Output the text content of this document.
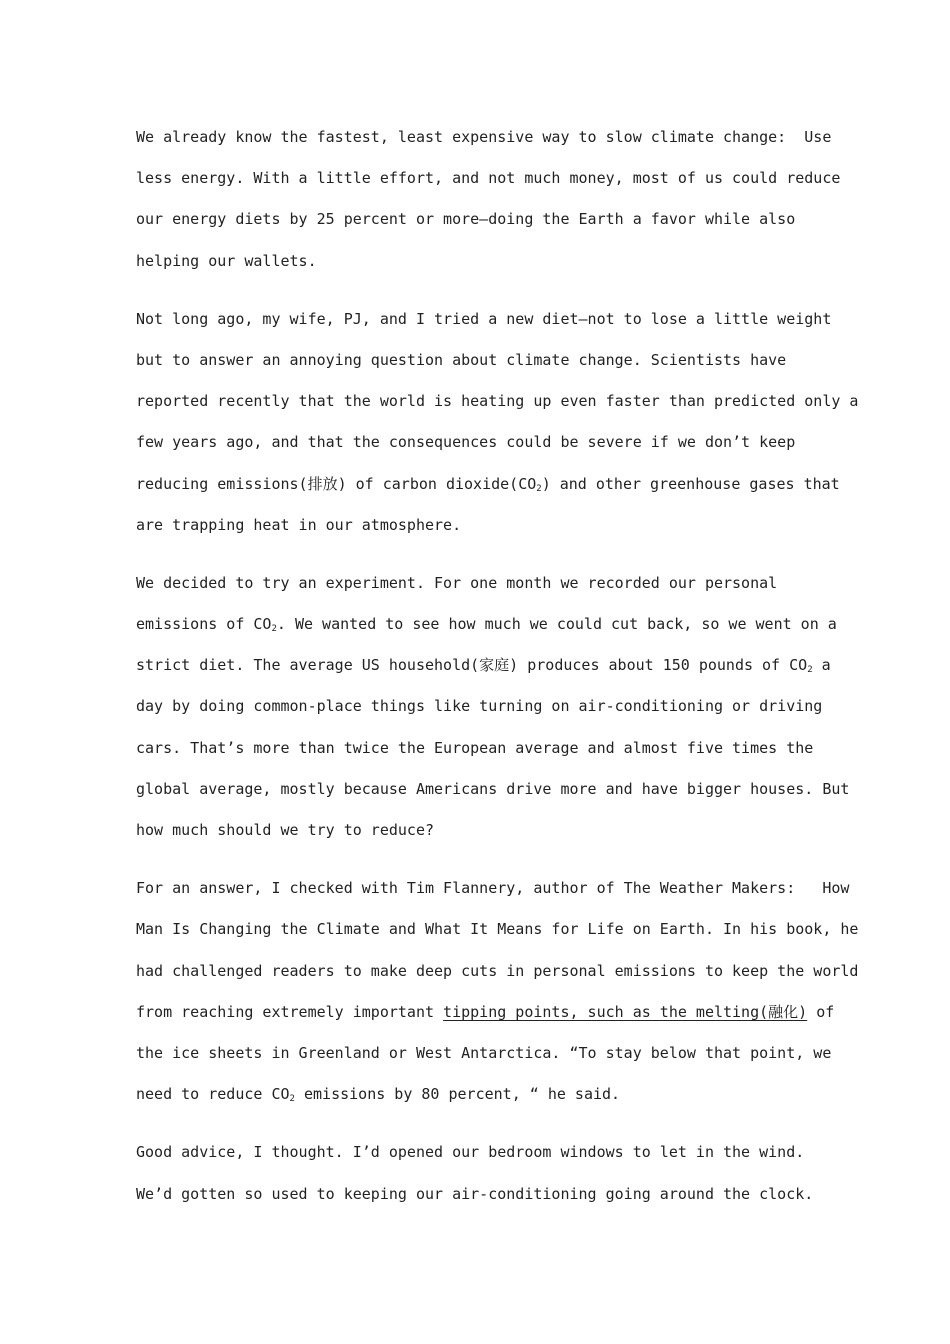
We already know the fastest, least expensive way to slow climate change:  Use
less energy. With a little effort, and not much money, most of us could reduce
our energy diets by 25 percent or more—doing the Earth a favor while also
helping our wallets.
Not long ago, my wife, PJ, and I tried a new diet—not to lose a little weight
but to answer an annoying question about climate change. Scientists have
reported recently that the world is heating up even faster than predicted only a
few years ago, and that the consequences could be severe if we don’t keep
reducing emissions(排放) of carbon $dioxide(CO_2)$ and other greenhouse gases that
are trapping heat in our atmosphere.
We decided to try an experiment. For one month we recorded our personal
emissions of $CO_2$. We wanted to see how much we could cut back, so we went on a
strict diet. The average US household(家庭) produces about 150 pounds of $CO_2$ a
day by doing common-place things like turning on air-conditioning or driving
cars. That’s more than twice the European average and almost five times the
global average, mostly because Americans drive more and have bigger houses. But
how much should we try to reduce?
For an answer, I checked with Tim Flannery, author of The Weather Makers:   How
Man Is Changing the Climate and What It Means for Life on Earth. In his book, he
had challenged readers to make deep cuts in personal emissions to keep the world
from reaching extremely important tipping points, such as the melting(融化) of
the ice sheets in Greenland or West Antarctica. “To stay below that point, we
need to reduce $CO_2$ emissions by 80 percent, “ he said.
Good advice, I thought. I’d opened our bedroom windows to let in the wind.
We’d gotten so used to keeping our air-conditioning going around the clock.
